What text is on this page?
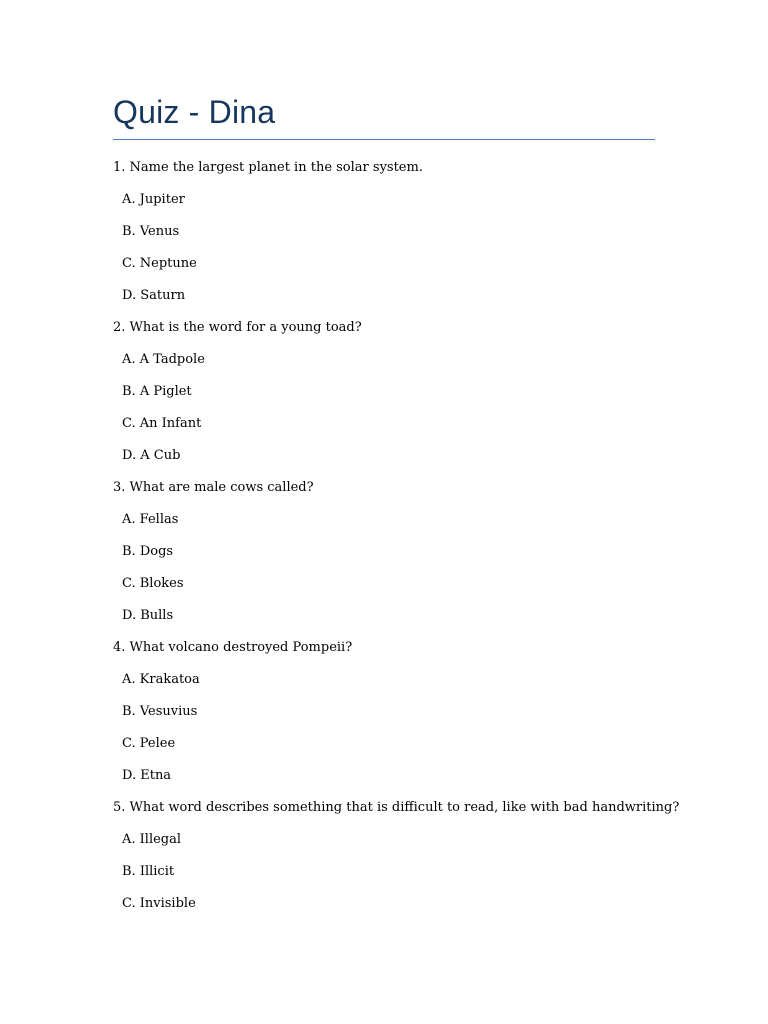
Quiz - Dina
1. Name the largest planet in the solar system.
A. Jupiter
B. Venus
C. Neptune
D. Saturn
2. What is the word for a young toad?
A. A Tadpole
B. A Piglet
C. An Infant
D. A Cub
3. What are male cows called?
A. Fellas
B. Dogs
C. Blokes
D. Bulls
4. What volcano destroyed Pompeii?
A. Krakatoa
B. Vesuvius
C. Pelee
D. Etna
5. What word describes something that is difficult to read, like with bad handwriting?
A. Illegal
B. Illicit
C. Invisible
